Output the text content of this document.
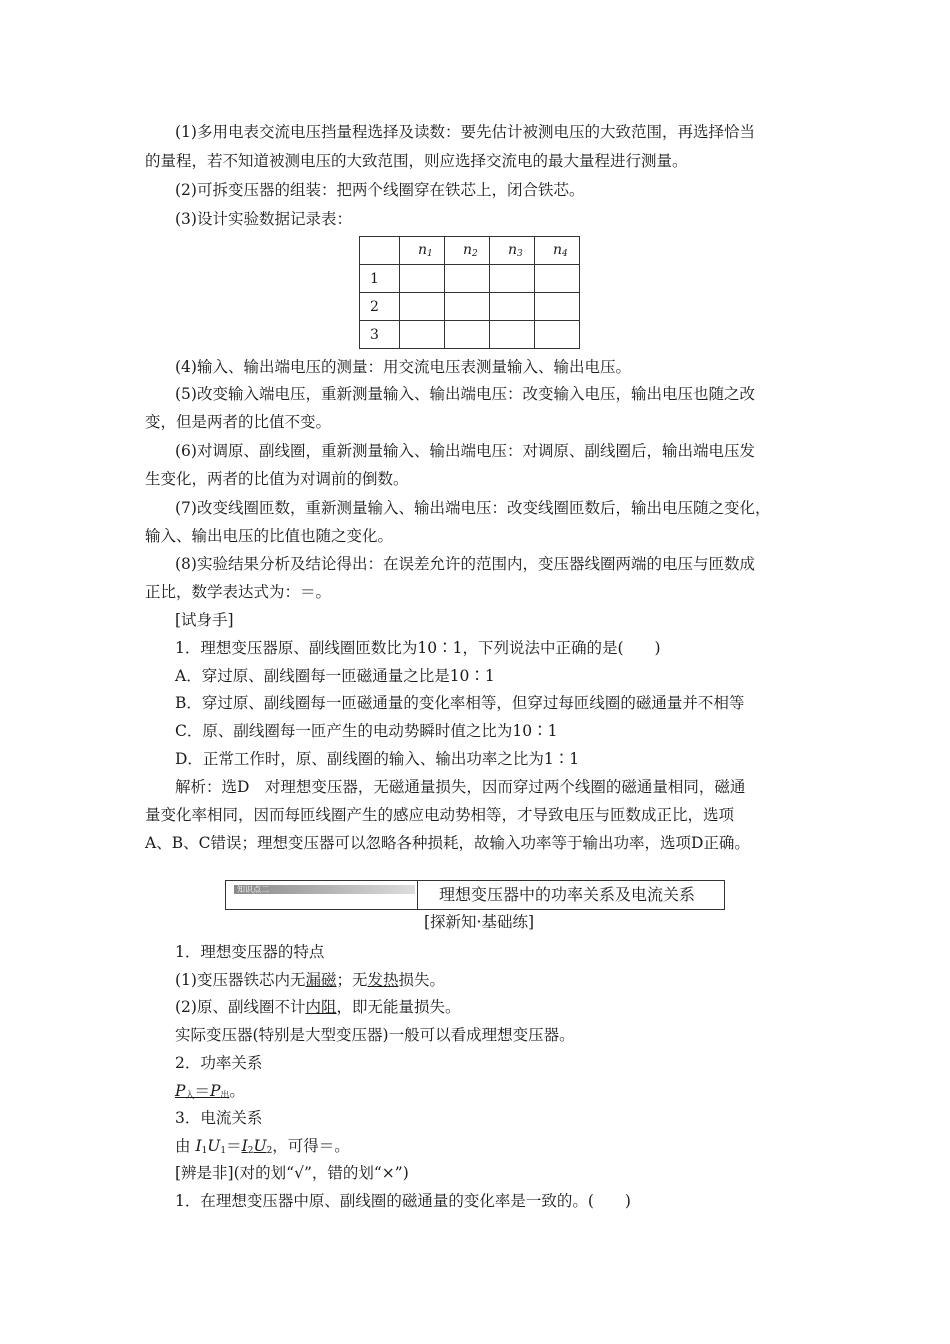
(1)多用电表交流电压挡量程选择及读数：要先估计被测电压的大致范围，再选择恰当

的量程，若不知道被测电压的大致范围，则应选择交流电的最大量程进行测量。

(2)可拆变压器的组装：把两个线圈穿在铁芯上，闭合铁芯。

(3)设计实验数据记录表：

	n1	n2	n3	n4
1				
2				
3				

(4)输入、输出端电压的测量：用交流电压表测量输入、输出电压。

(5)改变输入端电压，重新测量输入、输出端电压：改变输入电压，输出电压也随之改

变，但是两者的比值不变。

(6)对调原、副线圈，重新测量输入、输出端电压：对调原、副线圈后，输出端电压发

生变化，两者的比值为对调前的倒数。

(7)改变线圈匝数，重新测量输入、输出端电压：改变线圈匝数后，输出电压随之变化，

输入、输出电压的比值也随之变化。

(8)实验结果分析及结论得出：在误差允许的范围内，变压器线圈两端的电压与匝数成

正比，数学表达式为：＝。

[试身手]

1．理想变压器原、副线圈匝数比为10∶1，下列说法中正确的是(　　)

A．穿过原、副线圈每一匝磁通量之比是10∶1

B．穿过原、副线圈每一匝磁通量的变化率相等，但穿过每匝线圈的磁通量并不相等

C．原、副线圈每一匝产生的电动势瞬时值之比为10∶1

D．正常工作时，原、副线圈的输入、输出功率之比为1∶1

解析：选D　对理想变压器，无磁通量损失，因而穿过两个线圈的磁通量相同，磁通

量变化率相同，因而每匝线圈产生的感应电动势相等，才导致电压与匝数成正比，选项

A、B、C错误；理想变压器可以忽略各种损耗，故输入功率等于输出功率，选项D正确。

知识点二	理想变压器中的功率关系及电流关系
[探新知·基础练]

1．理想变压器的特点

(1)变压器铁芯内无漏磁；无发热损失。

(2)原、副线圈不计内阻，即无能量损失。

实际变压器(特别是大型变压器)一般可以看成理想变压器。

2．功率关系

P入＝P出。

3．电流关系

由 I1U1＝I2U2，可得＝。

[辨是非](对的划“√”，错的划“×”)

1．在理想变压器中原、副线圈的磁通量的变化率是一致的。(　　)
